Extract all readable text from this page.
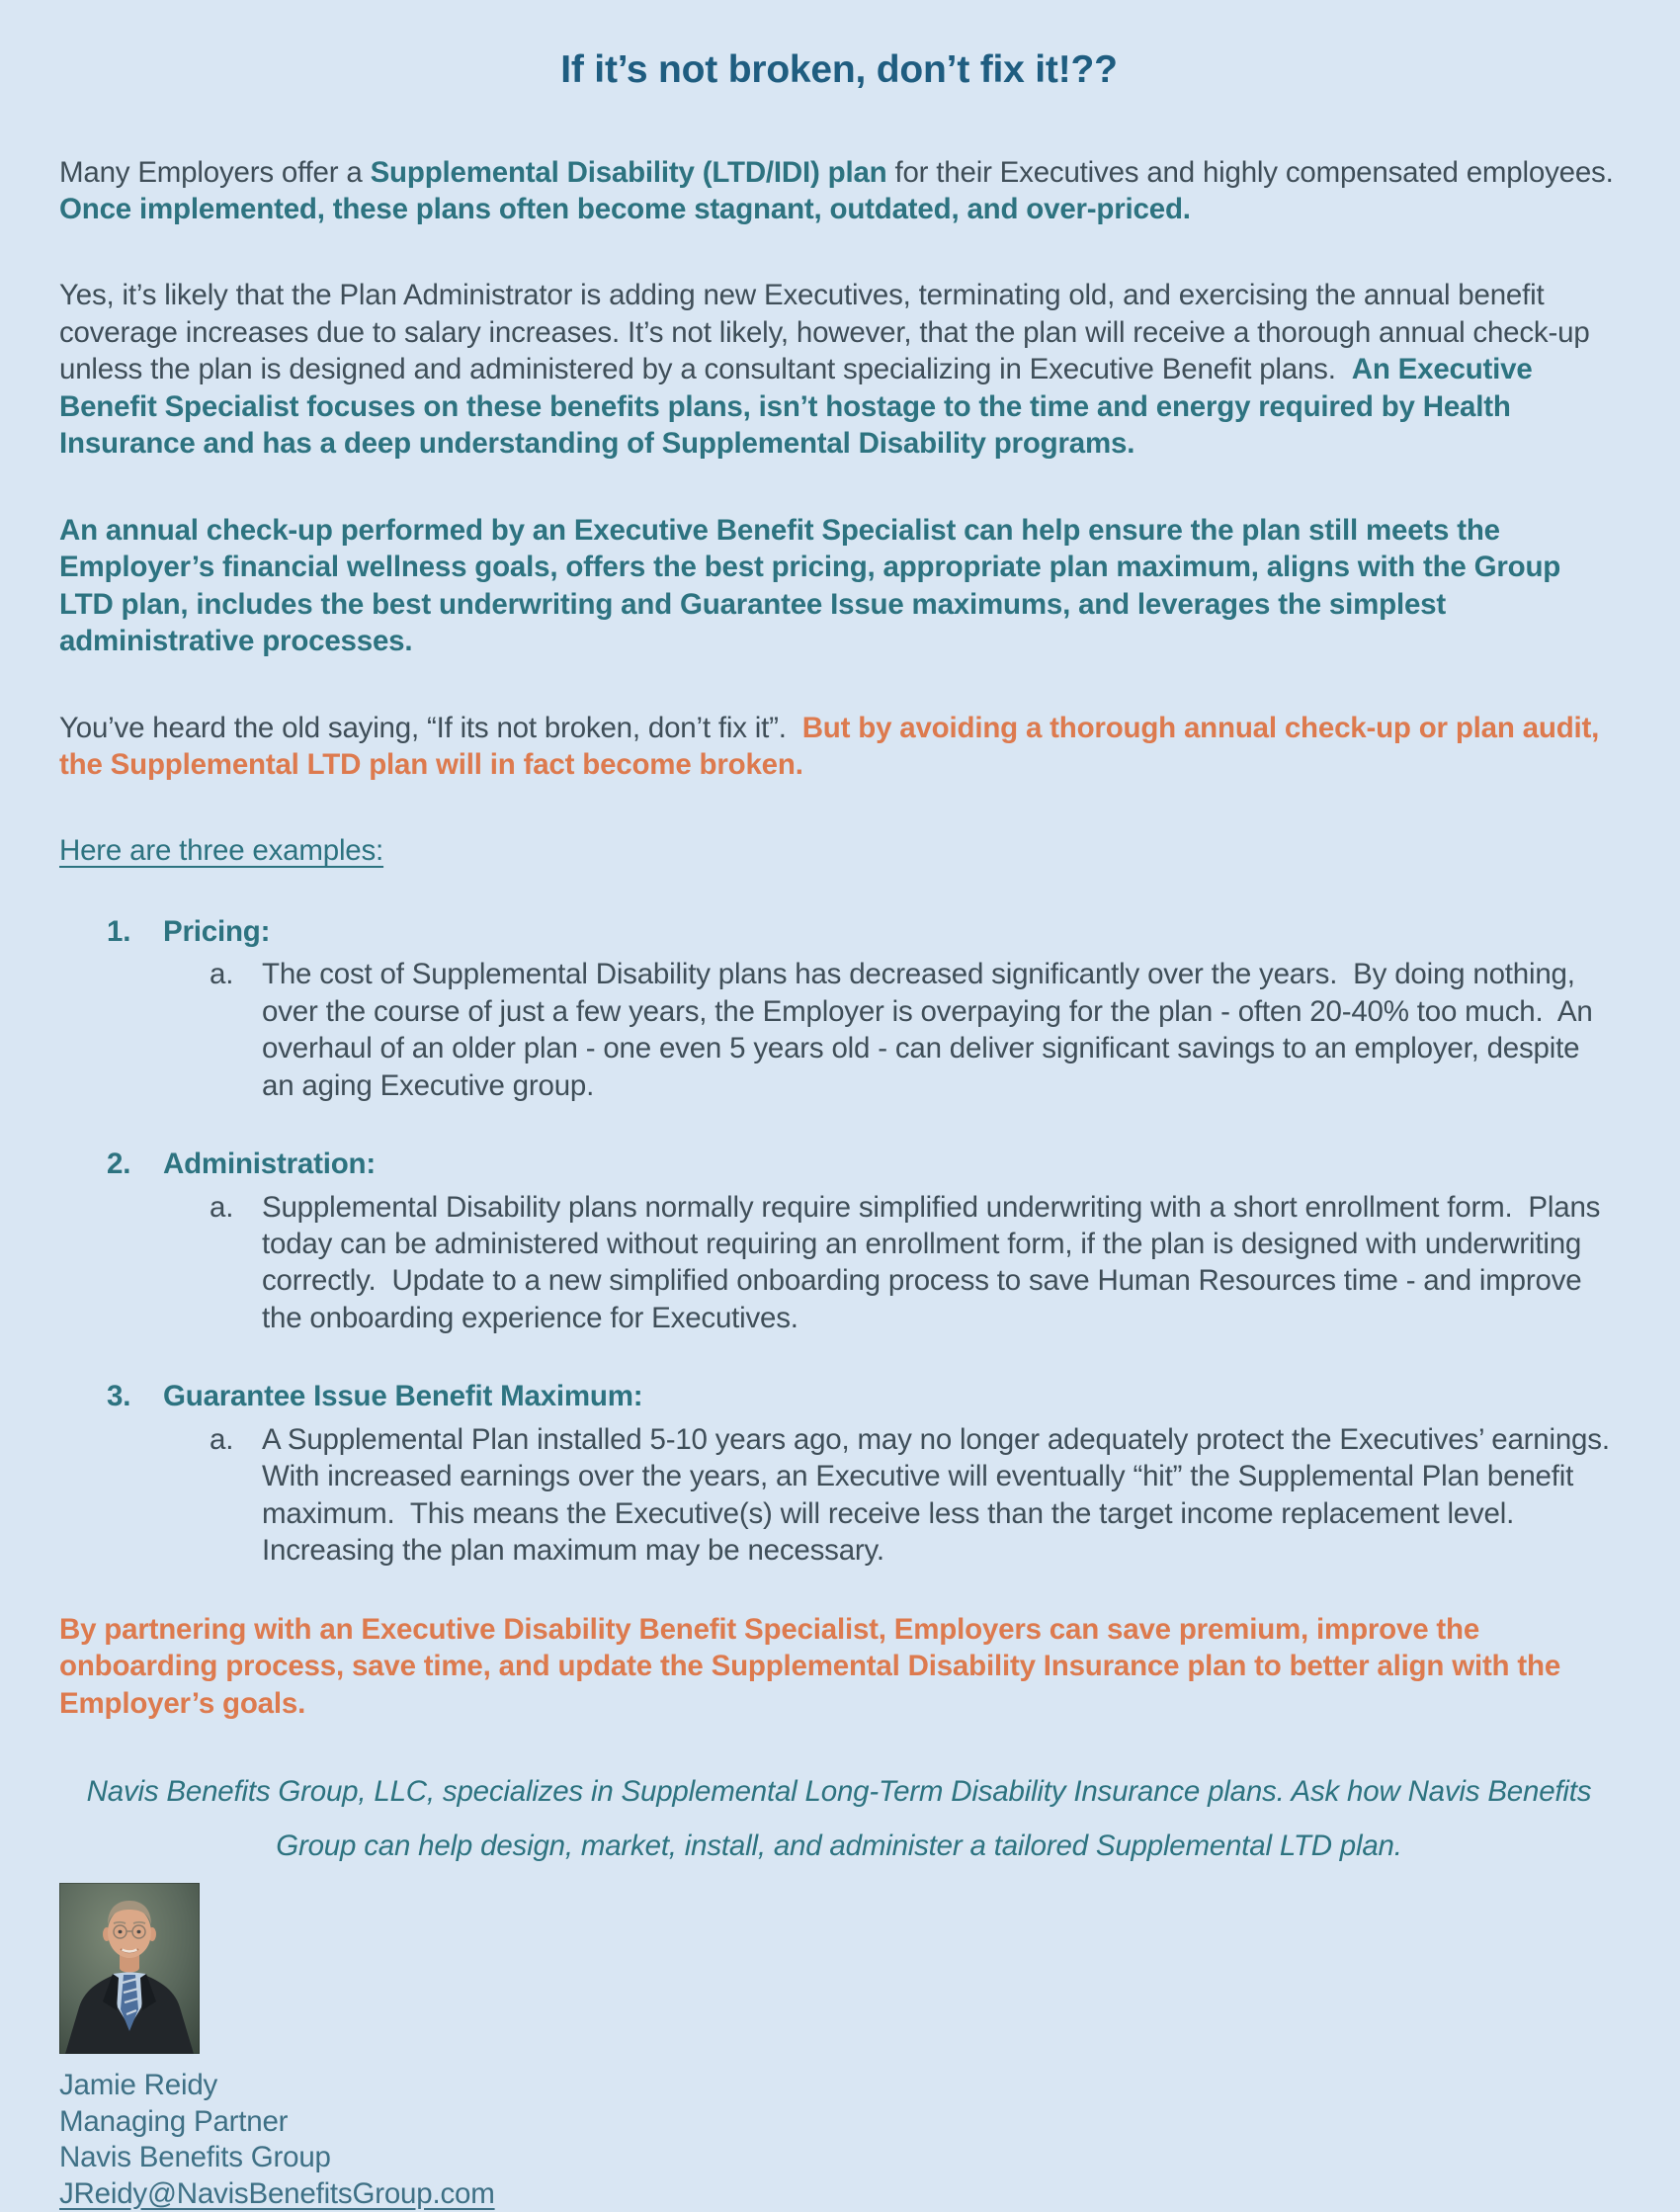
If it’s not broken, don’t fix it!??

Many Employers offer a Supplemental Disability (LTD/IDI) plan for their Executives and highly compensated employees.  Once implemented, these plans often become stagnant, outdated, and over-priced.

Yes, it’s likely that the Plan Administrator is adding new Executives, terminating old, and exercising the annual benefit coverage increases due to salary increases. It’s not likely, however, that the plan will receive a thorough annual check-up unless the plan is designed and administered by a consultant specializing in Executive Benefit plans.  An Executive Benefit Specialist focuses on these benefits plans, isn’t hostage to the time and energy required by Health Insurance and has a deep understanding of Supplemental Disability programs.

An annual check-up performed by an Executive Benefit Specialist can help ensure the plan still meets the Employer’s financial wellness goals, offers the best pricing, appropriate plan maximum, aligns with the Group LTD plan, includes the best underwriting and Guarantee Issue maximums, and leverages the simplest administrative processes.

You’ve heard the old saying, “If its not broken, don’t fix it”.  But by avoiding a thorough annual check-up or plan audit, the Supplemental LTD plan will in fact become broken.

Here are three examples:

1.	Pricing:
a. The cost of Supplemental Disability plans has decreased significantly over the years.  By doing nothing, over the course of just a few years, the Employer is overpaying for the plan - often 20-40% too much.  An overhaul of an older plan - one even 5 years old - can deliver significant savings to an employer, despite an aging Executive group.
2.	Administration:
a. Supplemental Disability plans normally require simplified underwriting with a short enrollment form.  Plans today can be administered without requiring an enrollment form, if the plan is designed with underwriting correctly.  Update to a new simplified onboarding process to save Human Resources time - and improve the onboarding experience for Executives.
3.	Guarantee Issue Benefit Maximum:
a. A Supplemental Plan installed 5-10 years ago, may no longer adequately protect the Executives’ earnings.  With increased earnings over the years, an Executive will eventually “hit” the Supplemental Plan benefit maximum.  This means the Executive(s) will receive less than the target income replacement level.  Increasing the plan maximum may be necessary.

By partnering with an Executive Disability Benefit Specialist, Employers can save premium, improve the onboarding process, save time, and update the Supplemental Disability Insurance plan to better align with the Employer’s goals.

Navis Benefits Group, LLC, specializes in Supplemental Long-Term Disability Insurance plans. Ask how Navis Benefits Group can help design, market, install, and administer a tailored Supplemental LTD plan.

Jamie Reidy
Managing Partner
Navis Benefits Group
JReidy@NavisBenefitsGroup.com
